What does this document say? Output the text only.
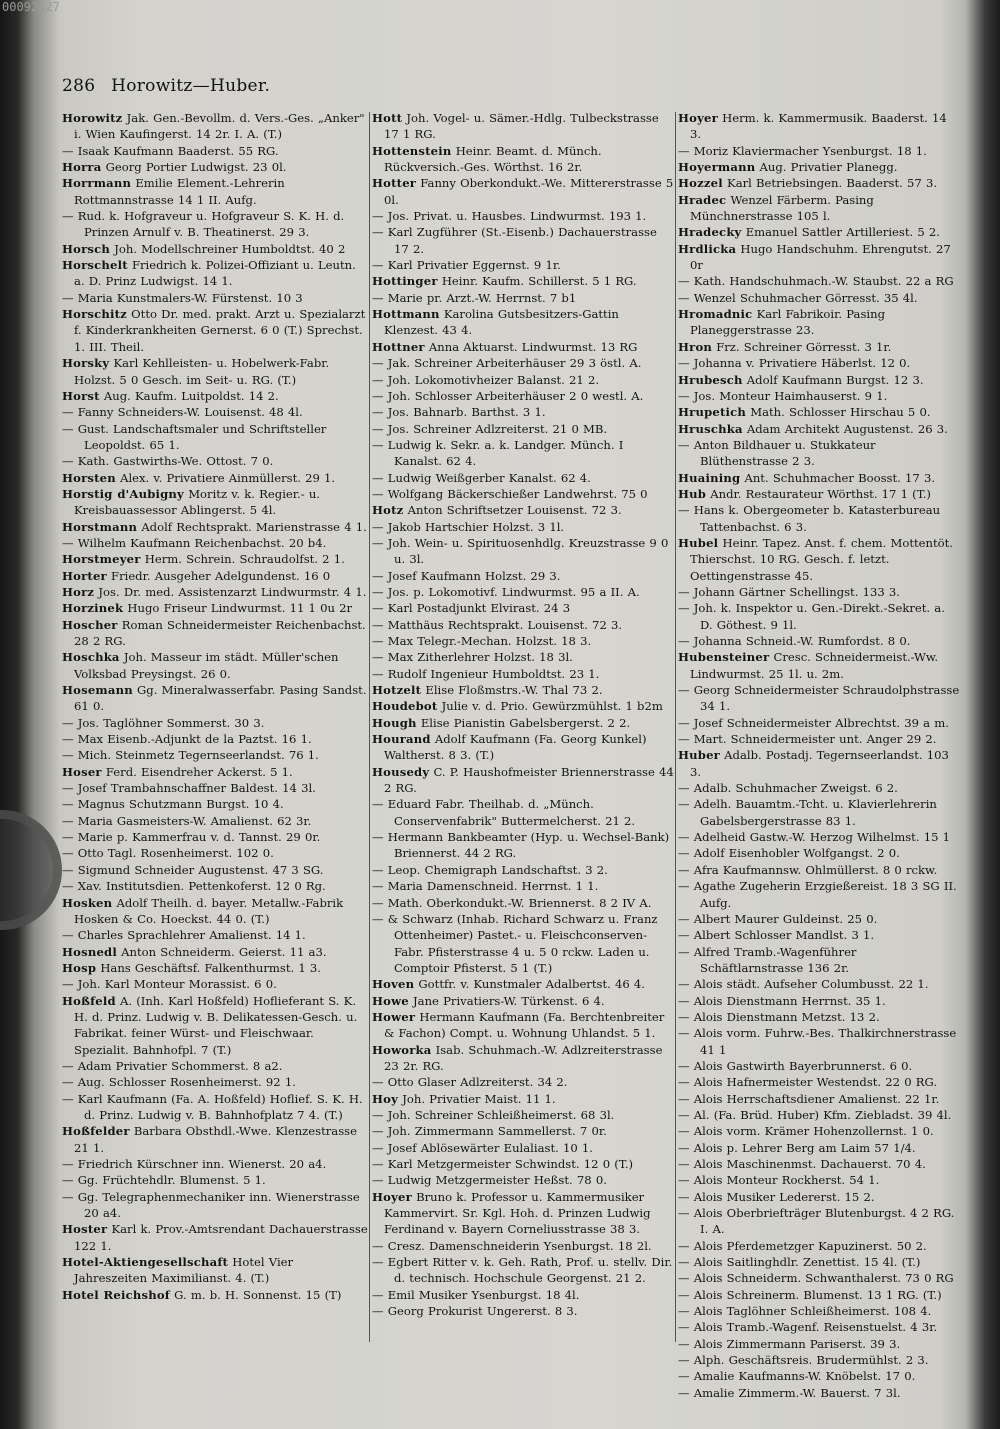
00092427
286 Horowitz—Huber.

Horowitz Jak. Gen.-Bevollm. d. Vers.-Ges. „Anker" i. Wien Kaufingerst. 14 2r. I. A. (T.)

— Isaak Kaufmann Baaderst. 55 RG.

Horra Georg Portier Ludwigst. 23 0l.

Horrmann Emilie Element.-Lehrerin Rottmannstrasse 14 1 II. Aufg.

— Rud. k. Hofgraveur u. Hofgraveur S. K. H. d. Prinzen Arnulf v. B. Theatinerst. 29 3.

Horsch Joh. Modellschreiner Humboldtst. 40 2

Horschelt Friedrich k. Polizei-Offiziant u. Leutn. a. D. Prinz Ludwigst. 14 1.

— Maria Kunstmalers-W. Fürstenst. 10 3

Horschitz Otto Dr. med. prakt. Arzt u. Spezialarzt f. Kinderkrankheiten Gernerst. 6 0 (T.) Sprechst. 1. III. Theil.

Horsky Karl Kehlleisten- u. Hobelwerk-Fabr. Holzst. 5 0 Gesch. im Seit- u. RG. (T.)

Horst Aug. Kaufm. Luitpoldst. 14 2.

— Fanny Schneiders-W. Louisenst. 48 4l.

— Gust. Landschaftsmaler und Schriftsteller Leopoldst. 65 1.

— Kath. Gastwirths-We. Ottost. 7 0.

Horsten Alex. v. Privatiere Ainmüllerst. 29 1.

Horstig d'Aubigny Moritz v. k. Regier.- u. Kreisbauassessor Ablingerst. 5 4l.

Horstmann Adolf Rechtsprakt. Marienstrasse 4 1.

— Wilhelm Kaufmann Reichenbachst. 20 b4.

Horstmeyer Herm. Schrein. Schraudolfst. 2 1.

Horter Friedr. Ausgeher Adelgundenst. 16 0

Horz Jos. Dr. med. Assistenzarzt Lindwurmstr. 4 1.

Horzinek Hugo Friseur Lindwurmst. 11 1 0u 2r

Hoscher Roman Schneidermeister Reichenbachst. 28 2 RG.

Hoschka Joh. Masseur im städt. Müller'schen Volksbad Preysingst. 26 0.

Hosemann Gg. Mineralwasserfabr. Pasing Sandst. 61 0.

— Jos. Taglöhner Sommerst. 30 3.

— Max Eisenb.-Adjunkt de la Paztst. 16 1.

— Mich. Steinmetz Tegernseerlandst. 76 1.

Hoser Ferd. Eisendreher Ackerst. 5 1.

— Josef Trambahnschaffner Baldest. 14 3l.

— Magnus Schutzmann Burgst. 10 4.

— Maria Gasmeisters-W. Amalienst. 62 3r.

— Marie p. Kammerfrau v. d. Tannst. 29 0r.

— Otto Tagl. Rosenheimerst. 102 0.

— Sigmund Schneider Augustenst. 47 3 SG.

— Xav. Institutsdien. Pettenkoferst. 12 0 Rg.

Hosken Adolf Theilh. d. bayer. Metallw.-Fabrik Hosken & Co. Hoeckst. 44 0. (T.)

— Charles Sprachlehrer Amalienst. 14 1.

Hosnedl Anton Schneiderm. Geierst. 11 a3.

Hosp Hans Geschäftsf. Falkenthurmst. 1 3.

— Joh. Karl Monteur Morassist. 6 0.

Hoßfeld A. (Inh. Karl Hoßfeld) Hoflieferant S. K. H. d. Prinz. Ludwig v. B. Delikatessen-Gesch. u. Fabrikat. feiner Würst- und Fleischwaar. Spezialit. Bahnhofpl. 7 (T.)

— Adam Privatier Schommerst. 8 a2.

— Aug. Schlosser Rosenheimerst. 92 1.

— Karl Kaufmann (Fa. A. Hoßfeld) Hoflief. S. K. H. d. Prinz. Ludwig v. B. Bahnhofplatz 7 4. (T.)

Hoßfelder Barbara Obsthdl.-Wwe. Klenzestrasse 21 1.

— Friedrich Kürschner inn. Wienerst. 20 a4.

— Gg. Früchtehdlr. Blumenst. 5 1.

— Gg. Telegraphenmechaniker inn. Wienerstrasse 20 a4.

Hoster Karl k. Prov.-Amtsrendant Dachauerstrasse 122 1.

Hotel-Aktiengesellschaft Hotel Vier Jahreszeiten Maximilianst. 4. (T.)

Hotel Reichshof G. m. b. H. Sonnenst. 15 (T)

Hott Joh. Vogel- u. Sämer.-Hdlg. Tulbeckstrasse 17 1 RG.

Hottenstein Heinr. Beamt. d. Münch. Rückversich.-Ges. Wörthst. 16 2r.

Hotter Fanny Oberkondukt.-We. Mittererstrasse 5 0l.

— Jos. Privat. u. Hausbes. Lindwurmst. 193 1.

— Karl Zugführer (St.-Eisenb.) Dachauerstrasse 17 2.

— Karl Privatier Eggernst. 9 1r.

Hottinger Heinr. Kaufm. Schillerst. 5 1 RG.

— Marie pr. Arzt.-W. Herrnst. 7 b1

Hottmann Karolina Gutsbesitzers-Gattin Klenzest. 43 4.

Hottner Anna Aktuarst. Lindwurmst. 13 RG

— Jak. Schreiner Arbeiterhäuser 29 3 östl. A.

— Joh. Lokomotivheizer Balanst. 21 2.

— Joh. Schlosser Arbeiterhäuser 2 0 westl. A.

— Jos. Bahnarb. Barthst. 3 1.

— Jos. Schreiner Adlzreiterst. 21 0 MB.

— Ludwig k. Sekr. a. k. Landger. Münch. I Kanalst. 62 4.

— Ludwig Weißgerber Kanalst. 62 4.

— Wolfgang Bäckerschießer Landwehrst. 75 0

Hotz Anton Schriftsetzer Louisenst. 72 3.

— Jakob Hartschier Holzst. 3 1l.

— Joh. Wein- u. Spirituosenhdlg. Kreuzstrasse 9 0 u. 3l.

— Josef Kaufmann Holzst. 29 3.

— Jos. p. Lokomotivf. Lindwurmst. 95 a II. A.

— Karl Postadjunkt Elvirast. 24 3

— Matthäus Rechtsprakt. Louisenst. 72 3.

— Max Telegr.-Mechan. Holzst. 18 3.

— Max Zitherlehrer Holzst. 18 3l.

— Rudolf Ingenieur Humboldtst. 23 1.

Hotzelt Elise Floßmstrs.-W. Thal 73 2.

Houdebot Julie v. d. Prio. Gewürzmühlst. 1 b2m

Hough Elise Pianistin Gabelsbergerst. 2 2.

Hourand Adolf Kaufmann (Fa. Georg Kunkel) Waltherst. 8 3. (T.)

Housedy C. P. Haushofmeister Briennerstrasse 44 2 RG.

— Eduard Fabr. Theilhab. d. „Münch. Conservenfabrik" Buttermelcherst. 21 2.

— Hermann Bankbeamter (Hyp. u. Wechsel-Bank) Briennerst. 44 2 RG.

— Leop. Chemigraph Landschaftst. 3 2.

— Maria Damenschneid. Herrnst. 1 1.

— Math. Oberkondukt.-W. Briennerst. 8 2 IV A.

— & Schwarz (Inhab. Richard Schwarz u. Franz Ottenheimer) Pastet.- u. Fleischconserven-Fabr. Pfisterstrasse 4 u. 5 0 rckw. Laden u. Comptoir Pfisterst. 5 1 (T.)

Hoven Gottfr. v. Kunstmaler Adalbertst. 46 4.

Howe Jane Privatiers-W. Türkenst. 6 4.

Hower Hermann Kaufmann (Fa. Berchtenbreiter & Fachon) Compt. u. Wohnung Uhlandst. 5 1.

Howorka Isab. Schuhmach.-W. Adlzreiterstrasse 23 2r. RG.

— Otto Glaser Adlzreiterst. 34 2.

Hoy Joh. Privatier Maist. 11 1.

— Joh. Schreiner Schleißheimerst. 68 3l.

— Joh. Zimmermann Sammellerst. 7 0r.

— Josef Ablösewärter Eulaliast. 10 1.

— Karl Metzgermeister Schwindst. 12 0 (T.)

— Ludwig Metzgermeister Heßst. 78 0.

Hoyer Bruno k. Professor u. Kammermusiker Kammervirt. Sr. Kgl. Hoh. d. Prinzen Ludwig Ferdinand v. Bayern Corneliusstrasse 38 3.

— Cresz. Damenschneiderin Ysenburgst. 18 2l.

— Egbert Ritter v. k. Geh. Rath, Prof. u. stellv. Dir. d. technisch. Hochschule Georgenst. 21 2.

— Emil Musiker Ysenburgst. 18 4l.

— Georg Prokurist Ungererst. 8 3.

Hoyer Herm. k. Kammermusik. Baaderst. 14 3.

— Moriz Klaviermacher Ysenburgst. 18 1.

Hoyermann Aug. Privatier Planegg.

Hozzel Karl Betriebsingen. Baaderst. 57 3.

Hradec Wenzel Färberm. Pasing Münchnerstrasse 105 l.

Hradecky Emanuel Sattler Artilleriest. 5 2.

Hrdlicka Hugo Handschuhm. Ehrengutst. 27 0r

— Kath. Handschuhmach.-W. Staubst. 22 a RG

— Wenzel Schuhmacher Görresst. 35 4l.

Hromadnic Karl Fabrikoir. Pasing Planeggerstrasse 23.

Hron Frz. Schreiner Görresst. 3 1r.

— Johanna v. Privatiere Häberlst. 12 0.

Hrubesch Adolf Kaufmann Burgst. 12 3.

— Jos. Monteur Haimhauserst. 9 1.

Hrupetich Math. Schlosser Hirschau 5 0.

Hruschka Adam Architekt Augustenst. 26 3.

— Anton Bildhauer u. Stukkateur Blüthenstrasse 2 3.

Huaining Ant. Schuhmacher Boosst. 17 3.

Hub Andr. Restaurateur Wörthst. 17 1 (T.)

— Hans k. Obergeometer b. Katasterbureau Tattenbachst. 6 3.

Hubel Heinr. Tapez. Anst. f. chem. Mottentöt. Thierschst. 10 RG. Gesch. f. letzt. Oettingenstrasse 45.

— Johann Gärtner Schellingst. 133 3.

— Joh. k. Inspektor u. Gen.-Direkt.-Sekret. a. D. Göthest. 9 1l.

— Johanna Schneid.-W. Rumfordst. 8 0.

Hubensteiner Cresc. Schneidermeist.-Ww. Lindwurmst. 25 1l. u. 2m.

— Georg Schneidermeister Schraudolphstrasse 34 1.

— Josef Schneidermeister Albrechtst. 39 a m.

— Mart. Schneidermeister unt. Anger 29 2.

Huber Adalb. Postadj. Tegernseerlandst. 103 3.

— Adalb. Schuhmacher Zweigst. 6 2.

— Adelh. Bauamtm.-Tcht. u. Klavierlehrerin Gabelsbergerstrasse 83 1.

— Adelheid Gastw.-W. Herzog Wilhelmst. 15 1

— Adolf Eisenhobler Wolfgangst. 2 0.

— Afra Kaufmannsw. Ohlmüllerst. 8 0 rckw.

— Agathe Zugeherin Erzgießereist. 18 3 SG II. Aufg.

— Albert Maurer Guldeinst. 25 0.

— Albert Schlosser Mandlst. 3 1.

— Alfred Tramb.-Wagenführer Schäftlarnstrasse 136 2r.

— Alois städt. Aufseher Columbusst. 22 1.

— Alois Dienstmann Herrnst. 35 1.

— Alois Dienstmann Metzst. 13 2.

— Alois vorm. Fuhrw.-Bes. Thalkirchnerstrasse 41 1

— Alois Gastwirth Bayerbrunnerst. 6 0.

— Alois Hafnermeister Westendst. 22 0 RG.

— Alois Herrschaftsdiener Amalienst. 22 1r.

— Al. (Fa. Brüd. Huber) Kfm. Ziebladst. 39 4l.

— Alois vorm. Krämer Hohenzollernst. 1 0.

— Alois p. Lehrer Berg am Laim 57 1/4.

— Alois Maschinenmst. Dachauerst. 70 4.

— Alois Monteur Rockherst. 54 1.

— Alois Musiker Ledererst. 15 2.

— Alois Oberbriefträger Blutenburgst. 4 2 RG. I. A.

— Alois Pferdemetzger Kapuzinerst. 50 2.

— Alois Saitlinghdlr. Zenettist. 15 4l. (T.)

— Alois Schneiderm. Schwanthalerst. 73 0 RG

— Alois Schreinerm. Blumenst. 13 1 RG. (T.)

— Alois Taglöhner Schleißheimerst. 108 4.

— Alois Tramb.-Wagenf. Reisenstuelst. 4 3r.

— Alois Zimmermann Pariserst. 39 3.

— Alph. Geschäftsreis. Brudermühlst. 2 3.

— Amalie Kaufmanns-W. Knöbelst. 17 0.

— Amalie Zimmerm.-W. Bauerst. 7 3l.
